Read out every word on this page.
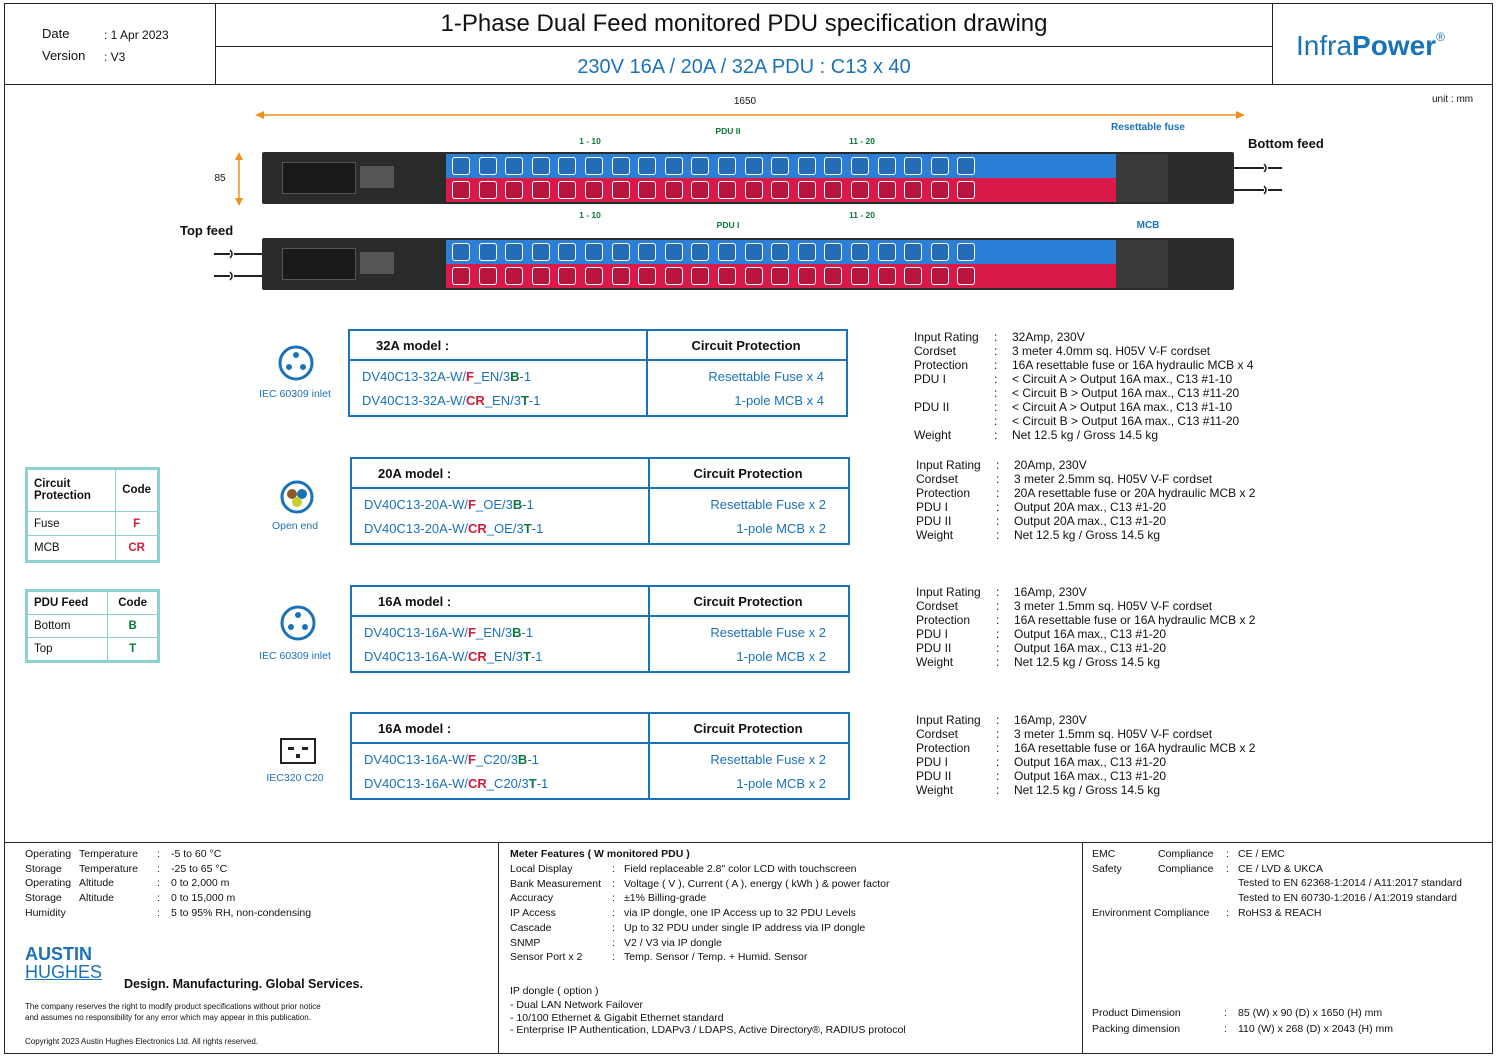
Date	: 1 Apr 2023
Version : V3
1-Phase Dual Feed monitored PDU specification drawing
230V 16A / 20A / 32A PDU : C13 x 40
InfraPower®
unit : mm
1650
85
1 - 10	11 - 20
PDU II	Resettable fuse
Bottom feed
1 - 10	11 - 20
PDU I	MCB
Top feed
32A model :	Circuit Protection
DV40C13-32A-W/F_EN/3B-1	Resettable Fuse x 4
DV40C13-32A-W/CR_EN/3T-1	1-pole MCB x 4
IEC 60309 inlet
20A model :	Circuit Protection
DV40C13-20A-W/F_OE/3B-1	Resettable Fuse x 2
DV40C13-20A-W/CR_OE/3T-1	1-pole MCB x 2
Open end
16A model :	Circuit Protection
DV40C13-16A-W/F_EN/3B-1	Resettable Fuse x 2
DV40C13-16A-W/CR_EN/3T-1	1-pole MCB x 2
IEC 60309 inlet
16A model :	Circuit Protection
DV40C13-16A-W/F_C20/3B-1	Resettable Fuse x 2
DV40C13-16A-W/CR_C20/3T-1	1-pole MCB x 2
IEC320 C20
Input Rating : 32Amp, 230V
Cordset	: 3 meter 4.0mm sq. H05V V-F cordset
Protection : 16A resettable fuse or 16A hydraulic MCB x 4
PDU I	: < Circuit A > Output 16A max., C13 #1-10
: < Circuit B > Output 16A max., C13 #11-20
PDU II	: < Circuit A > Output 16A max., C13 #1-10
: < Circuit B > Output 16A max., C13 #11-20
Weight	: Net 12.5 kg / Gross 14.5 kg
Input Rating : 20Amp, 230V
Cordset	: 3 meter 2.5mm sq. H05V V-F cordset
Protection : 20A resettable fuse or 20A hydraulic MCB x 2
PDU I	: Output 20A max., C13 #1-20
PDU II	: Output 20A max., C13 #1-20
Weight	: Net 12.5 kg / Gross 14.5 kg
Input Rating : 16Amp, 230V
Cordset	: 3 meter 1.5mm sq. H05V V-F cordset
Protection : 16A resettable fuse or 16A hydraulic MCB x 2
PDU I	: Output 16A max., C13 #1-20
PDU II	: Output 16A max., C13 #1-20
Weight	: Net 12.5 kg / Gross 14.5 kg
Input Rating : 16Amp, 230V
Cordset	: 3 meter 1.5mm sq. H05V V-F cordset
Protection : 16A resettable fuse or 16A hydraulic MCB x 2
PDU I	: Output 16A max., C13 #1-20
PDU II	: Output 16A max., C13 #1-20
Weight	: Net 12.5 kg / Gross 14.5 kg
Circuit Protection	Code
Fuse	F
MCB	CR
PDU Feed	Code
Bottom	B
Top	T
Operating Temperature : -5 to 60 °C
Storage Temperature : -25 to 65 °C
Operating Altitude	: 0 to 2,000 m
Storage Altitude	: 0 to 15,000 m
Humidity	: 5 to 95% RH, non-condensing
AUSTIN
HUGHES
Design. Manufacturing. Global Services.
The company reserves the right to modify product specifications without prior notice
and assumes no responsibility for any error which may appear in this publication.
Copyright 2023 Austin Hughes Electronics Ltd. All rights reserved.
Meter Features ( W monitored PDU )
Local Display	: Field replaceable 2.8" color LCD with touchscreen
Bank Measurement : Voltage ( V ), Current ( A ), energy ( kWh ) & power factor
Accuracy	: ±1% Billing-grade
IP Access	: via IP dongle, one IP Access up to 32 PDU Levels
Cascade	: Up to 32 PDU under single IP address via IP dongle
SNMP	: V2 / V3 via IP dongle
Sensor Port x 2	: Temp. Sensor / Temp. + Humid. Sensor
IP dongle ( option )
- Dual LAN Network Failover
- 10/100 Ethernet & Gigabit Ethernet standard
- Enterprise IP Authentication, LDAPv3 / LDAPS, Active Directory®, RADIUS protocol
EMC	Compliance : CE / EMC
Safety	Compliance : CE / LVD & UKCA
Tested to EN 62368-1:2014 / A11:2017 standard
Tested to EN 60730-1:2016 / A1:2019 standard
Environment Compliance : RoHS3 & REACH
Product Dimension	: 85 (W) x 90 (D) x 1650 (H) mm
Packing dimension	: 110 (W) x 268 (D) x 2043 (H) mm
